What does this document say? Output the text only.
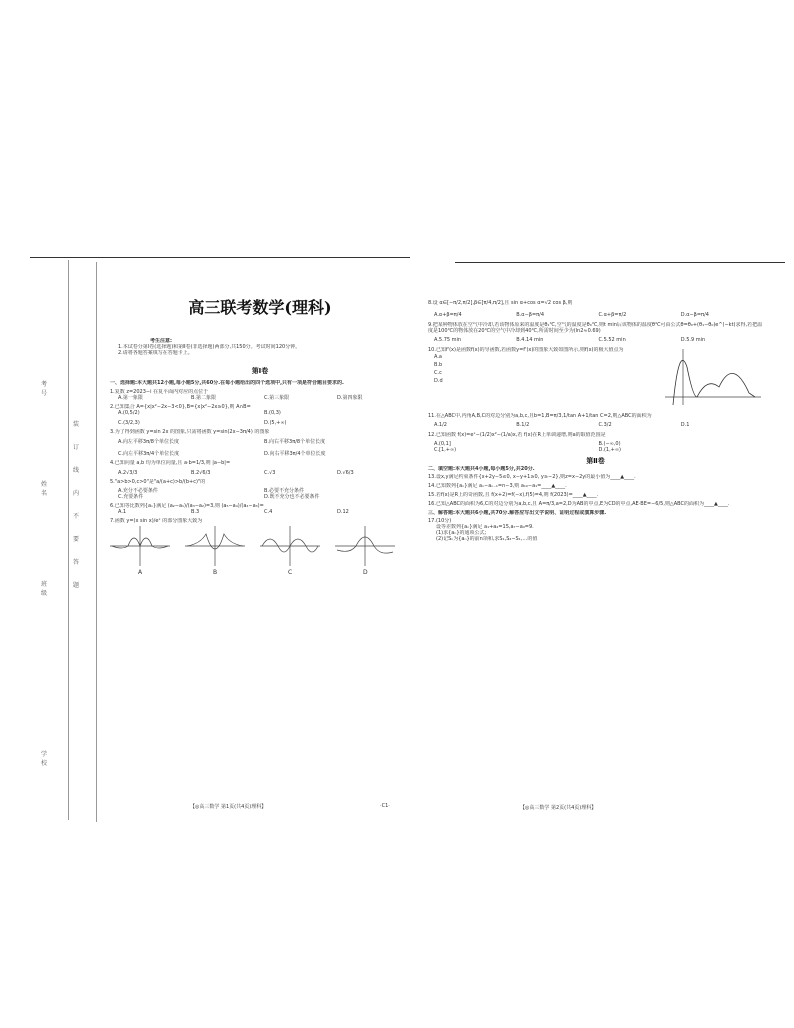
考号
姓名
班级
学校
装
订
线
内
不
要
答
题
高三联考数学(理科)
考生注意:
1.本试卷分第Ⅰ卷(选择题)和第Ⅱ卷(非选择题)两部分,共150分。考试时间120分钟。
2.请将各题答案填写在答题卡上。
第Ⅰ卷
一、选择题:本大题共12小题,每小题5分,共60分.在每小题给出的四个选项中,只有一项是符合题目要求的.
1.复数 z=2023−i 在复平面内对应的点位于
A.第一象限	B.第二象限	C.第三象限	D.第四象限
2.已知集合 A={x|x²−2x−3<0},B={x|x²−2x≥0},则 A∩B=
A.(0,5/2)	B.(0,3)
C.(3/2,3)	D.(5,+∞)
3.为了得到函数 y=sin 2x 的图象,只需将函数 y=sin(2x−3π/4) 的图象
A.向左平移3π/8个单位长度	B.向右平移3π/8个单位长度
C.向左平移3π/4个单位长度	D.向右平移3π/4个单位长度
4.已知向量 a,b 均为单位向量,且 a·b=1/3,则 |a−b|=
A.2√3/3	B.2√6/3	C.√3	D.√6/3
5."a>b>0,c>0"是"a/(a+c)>b/(b+c)"的
A.充分不必要条件	B.必要不充分条件
C.充要条件	D.既不充分也不必要条件
6.已知等比数列{aₙ}满足 (a₂−a₁)/(a₃−a₂)=3,则 (a₅−a₄)/(a₄−a₃)=
A.1	B.3	C.4	D.12
7.函数 y=(x sin x)/eˣ 的部分图象大致为
A	B	C	D
【◎高三数学 第1页(共4页)理科】	·C1·
8.设 α∈[−π/2,π/2],β∈[π/4,π/2],且 sin α+cos α=√2 cos β,则
A.α+β=π/4	B.α−β=π/4	C.α+β=π/2	D.α−β=π/4
9.把某种物体放在空气中冷却,若该物体原来的温度是θ₁℃,空气的温度是θ₀℃,则t min后该物体的温度θ℃可由公式θ=θ₀+(θ₁−θ₀)e^(−kt)求得,若把温度是100℃的物体放在20℃的空气中冷却到40℃,所需时间至少为(ln2≈0.69)
A.5.75 min	B.4.14 min	C.5.52 min	D.5.9 min
10.已知f'(x)是函数f(x)的导函数,若函数y=f'(x)的图象大致如图所示,则f(x)的极大值点为
A.a
B.b
C.c
D.d
11.在△ABC中,内角A,B,C的对边分别为a,b,c,且b=1,B=π/3,1/tan A+1/tan C=2,则△ABC的面积为
A.1/2	B.1/2	C.3/2	D.1
12.已知函数 f(x)=eˣ−(1/2)x²−(1/a)x,若 f(x)在R上单调递增,则a的取值范围是
A.(0,1]	B.(−∞,0)
C.[1,+∞)	D.(1,+∞)
第Ⅱ卷
二、填空题:本大题共4小题,每小题5分,共20分.
13.设x,y满足约束条件{x+2y−5≤0, x−y+1≥0, y≥−2},则z=x−2y的最小值为____▲____.
14.已知数列{aₙ}满足 aₙ−aₙ₋₁=n−3,则 a₁₀−a₁=____▲____.
15.若f(x)是R上的奇函数,且 f(x+2)=f(−x),f(5)=4,则 f(2023)=____▲____.
16.已知△ABC的面积为6,C的对边分别为a,b,c,且 A=π/3,a=2,D为AB的中点,E为CD的中点,AE·BE=−6/5,则△ABC的面积为____▲____.
三、解答题:本大题共6小题,共70分.解答应写出文字说明、证明过程或演算步骤.
17.(10分)
设等差数列{aₙ}满足 a₁+a₂=15,a₇−a₄=9.
(1)求{aₙ}的通项公式;
(2)记Sₙ为{aₙ}的前n项和,求S₁,S₂−S₁,…的值
【◎高三数学 第2页(共4页)理科】
